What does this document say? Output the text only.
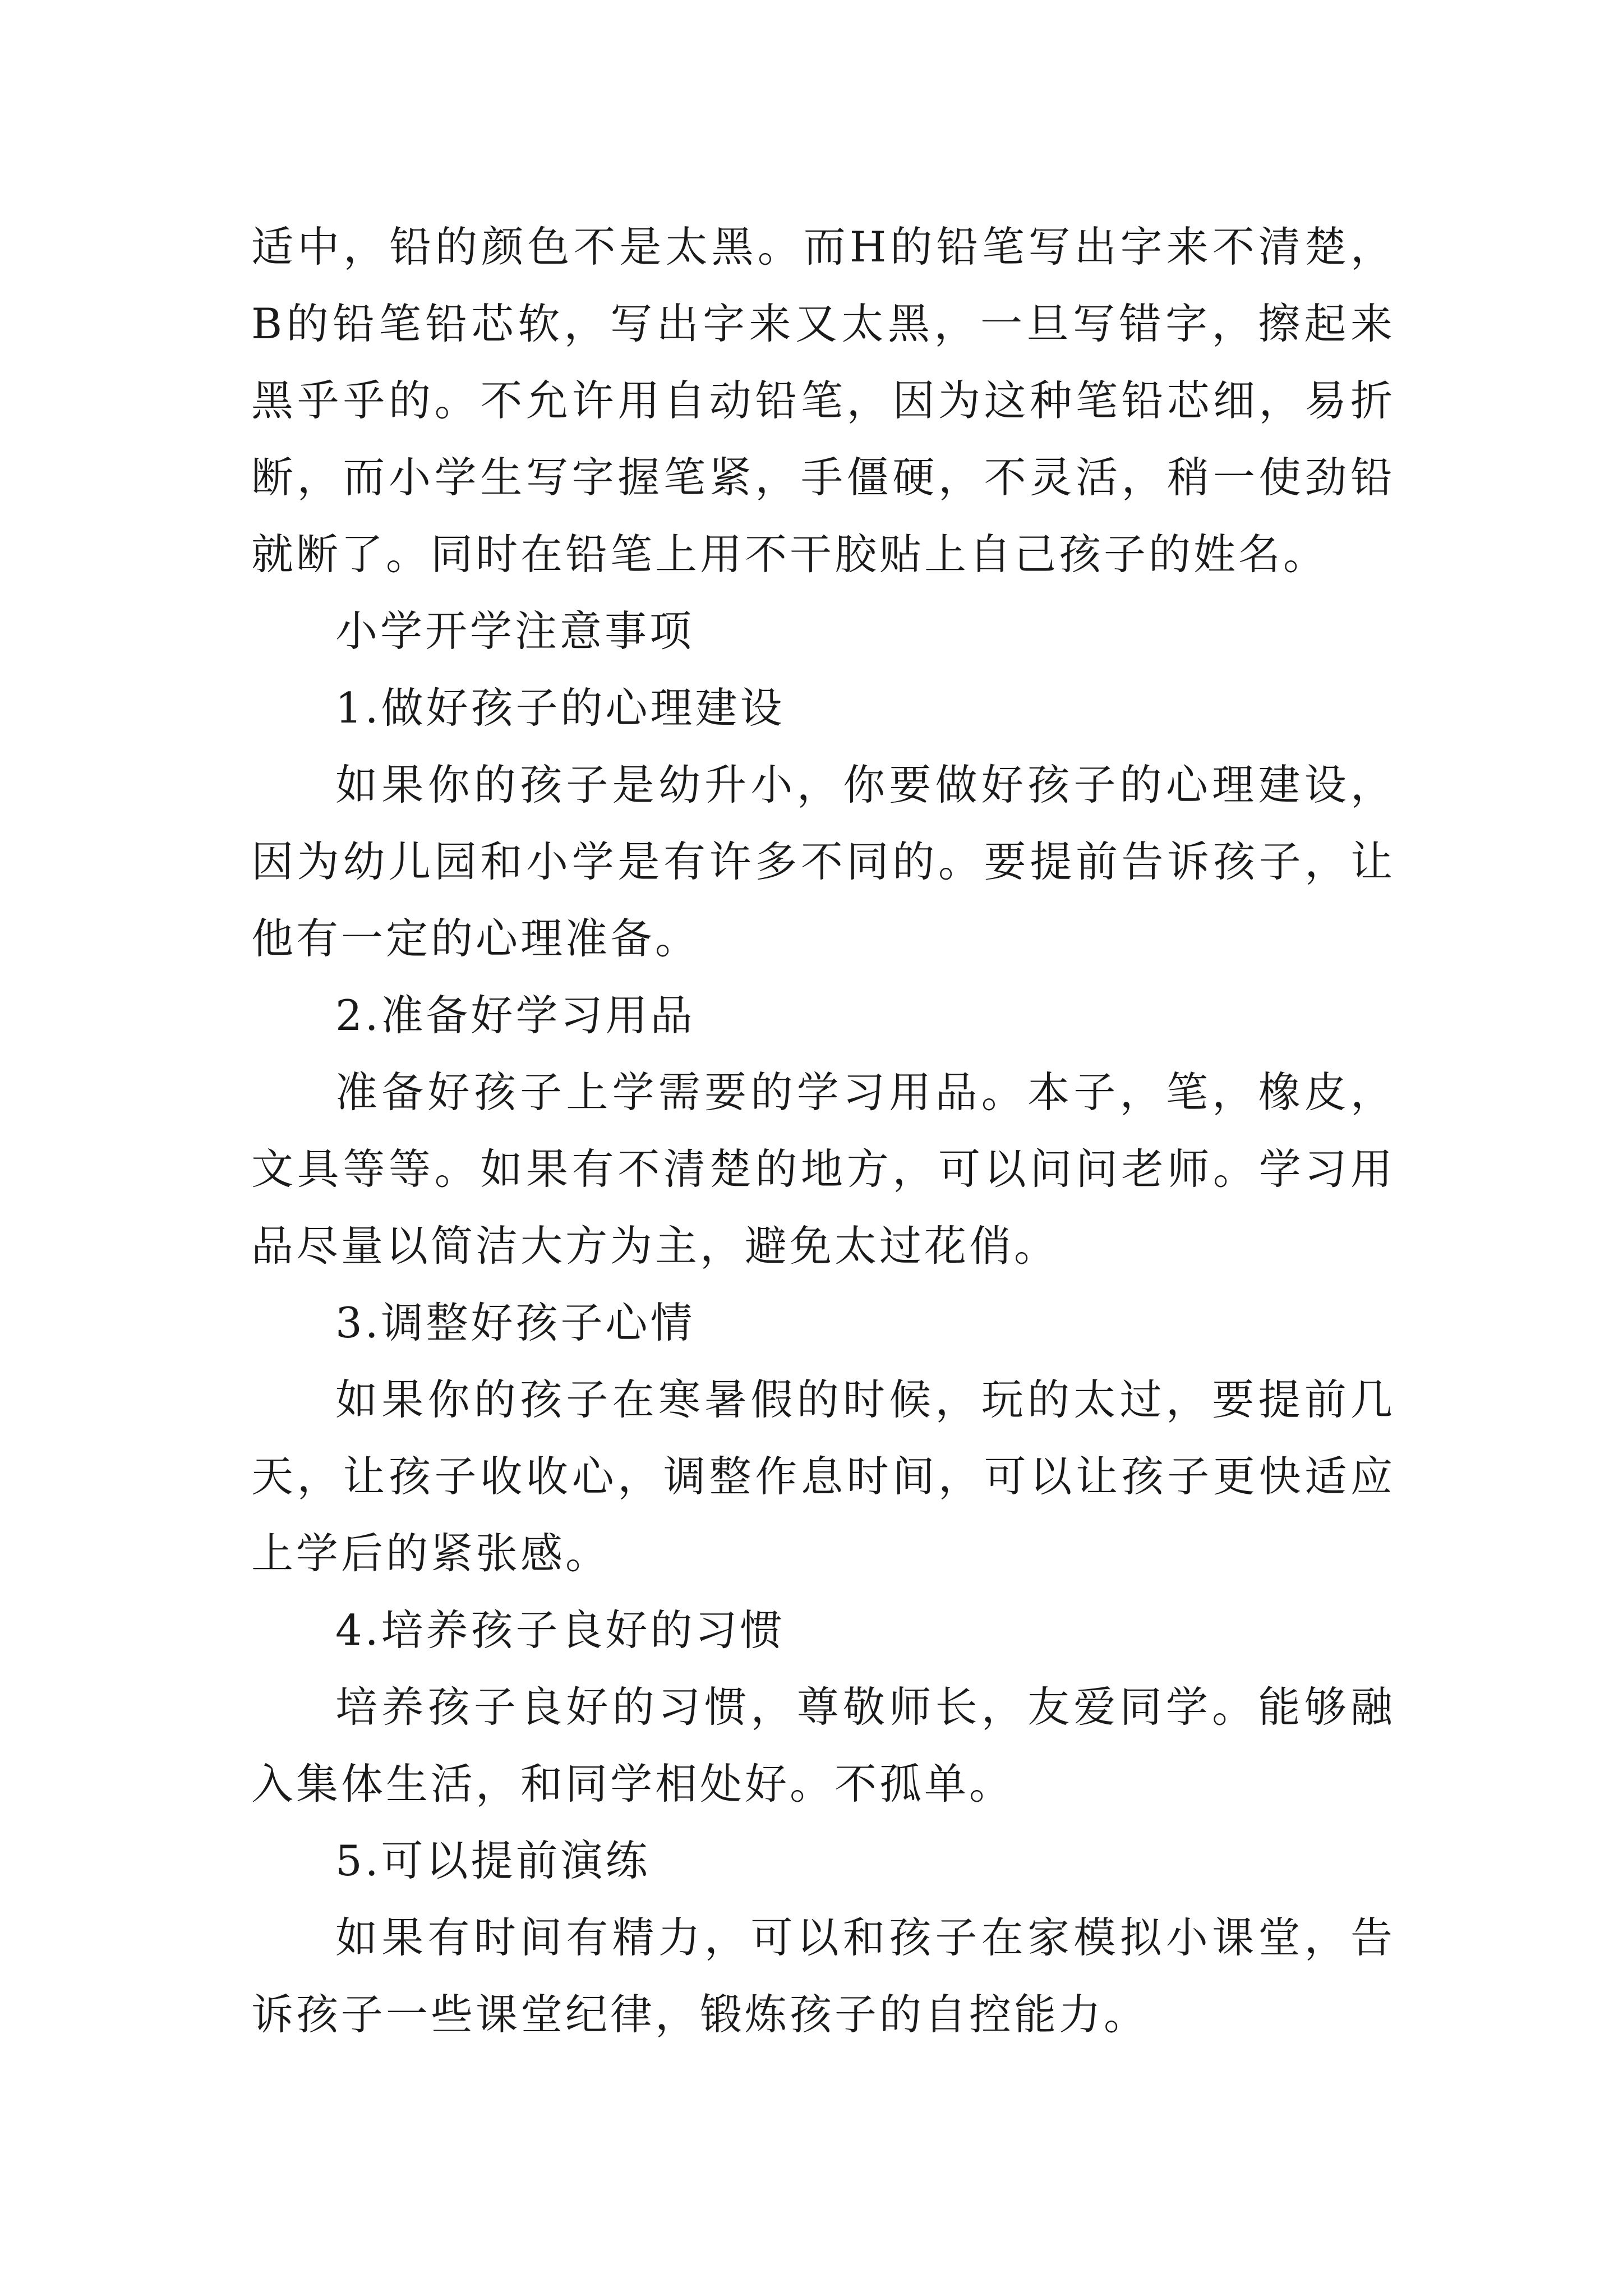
适中，铅的颜色不是太黑。而H的铅笔写出字来不清楚，B的铅笔铅芯软，写出字来又太黑，一旦写错字，擦起来黑乎乎的。不允许用自动铅笔，因为这种笔铅芯细，易折断，而小学生写字握笔紧，手僵硬，不灵活，稍一使劲铅就断了。同时在铅笔上用不干胶贴上自己孩子的姓名。

小学开学注意事项

1.做好孩子的心理建设

如果你的孩子是幼升小，你要做好孩子的心理建设，因为幼儿园和小学是有许多不同的。要提前告诉孩子，让他有一定的心理准备。

2.准备好学习用品

准备好孩子上学需要的学习用品。本子，笔，橡皮，文具等等。如果有不清楚的地方，可以问问老师。学习用品尽量以简洁大方为主，避免太过花俏。

3.调整好孩子心情

如果你的孩子在寒暑假的时候，玩的太过，要提前几天，让孩子收收心，调整作息时间，可以让孩子更快适应上学后的紧张感。

4.培养孩子良好的习惯

培养孩子良好的习惯，尊敬师长，友爱同学。能够融入集体生活，和同学相处好。不孤单。

5.可以提前演练

如果有时间有精力，可以和孩子在家模拟小课堂，告诉孩子一些课堂纪律，锻炼孩子的自控能力。
